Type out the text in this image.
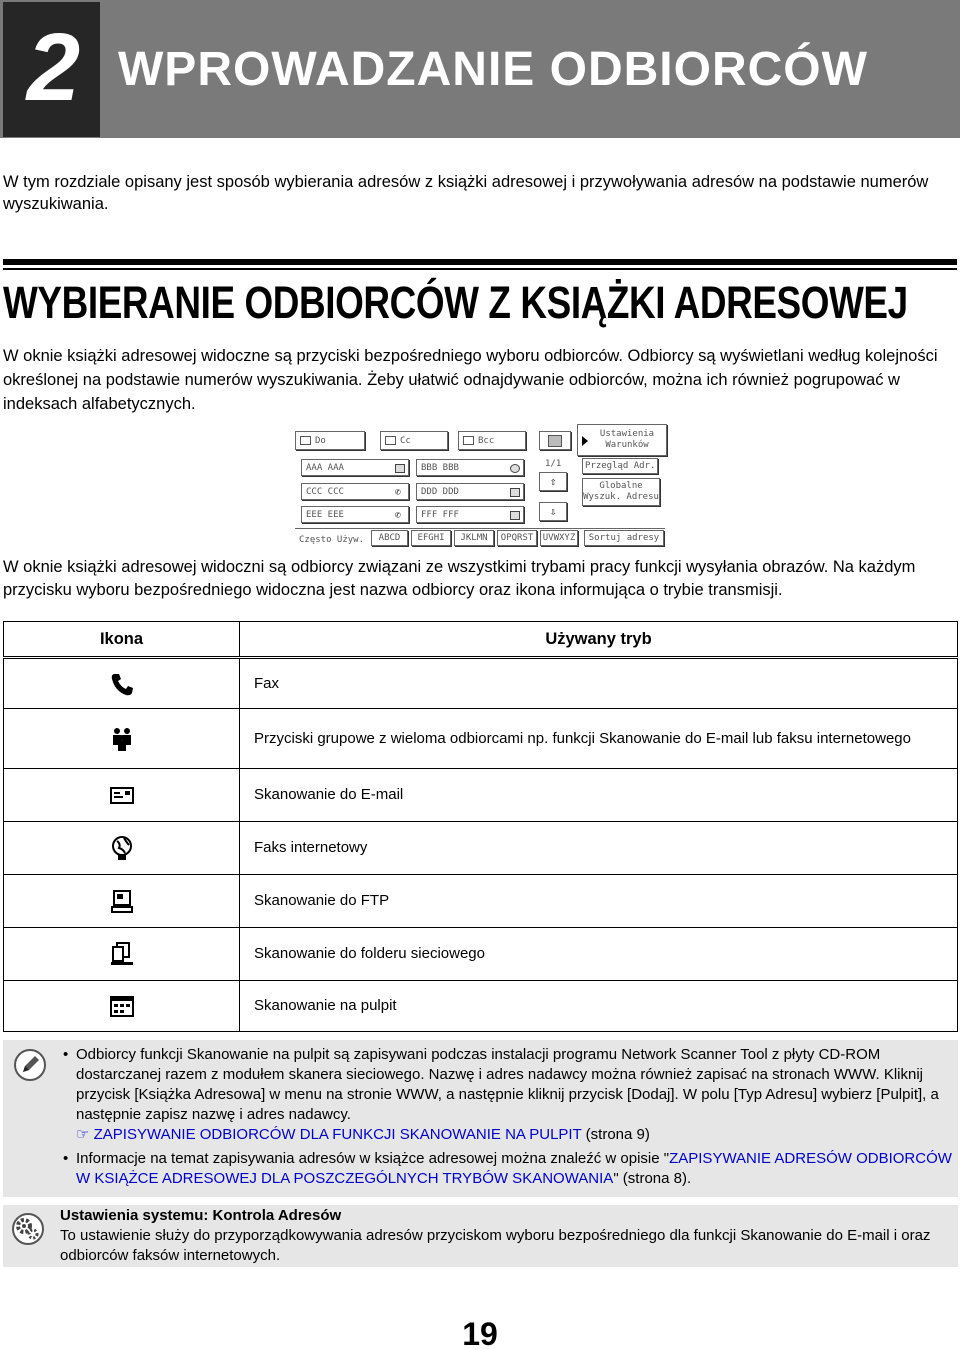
2 WPROWADZANIE ODBIORCÓW
W tym rozdziale opisany jest sposób wybierania adresów z książki adresowej i przywoływania adresów na podstawie numerów wyszukiwania.
WYBIERANIE ODBIORCÓW Z KSIĄŻKI ADRESOWEJ
W oknie książki adresowej widoczne są przyciski bezpośredniego wyboru odbiorców. Odbiorcy są wyświetlani według kolejności określonej na podstawie numerów wyszukiwania. Żeby ułatwić odnajdywanie odbiorców, można ich również pogrupować w indeksach alfabetycznych.
Do	Cc	Bcc
Ustawienia
Warunków
AAA AAA	BBB BBB
CCC CCC	✆	DDD DDD
EEE EEE	✆	FFF FFF
1/1
⇧
⇩
Przegląd Adr.
Globalne
Wyszuk. Adresu
Często Używ. ABCD EFGHI JKLMN OPQRST UVWXYZ Sortuj adresy
W oknie książki adresowej widoczni są odbiorcy związani ze wszystkimi trybami pracy funkcji wysyłania obrazów. Na każdym przycisku wyboru bezpośredniego widoczna jest nazwa odbiorcy oraz ikona informująca o trybie transmisji.
Ikona	Używany tryb
	Fax
	Przyciski grupowe z wieloma odbiorcami np. funkcji Skanowanie do E-mail lub faksu internetowego
	Skanowanie do E-mail
	Faks internetowy
	Skanowanie do FTP
	Skanowanie do folderu sieciowego
	Skanowanie na pulpit
• Odbiorcy funkcji Skanowanie na pulpit są zapisywani podczas instalacji programu Network Scanner Tool z płyty CD-ROM dostarczanej razem z modułem skanera sieciowego. Nazwę i adres nadawcy można również zapisać na stronach WWW. Kliknij przycisk [Książka Adresowa] w menu na stronie WWW, a następnie kliknij przycisk [Dodaj]. W polu [Typ Adresu] wybierz [Pulpit], a następnie zapisz nazwę i adres nadawcy.
☞ ZAPISYWANIE ODBIORCÓW DLA FUNKCJI SKANOWANIE NA PULPIT (strona 9)
• Informacje na temat zapisywania adresów w książce adresowej można znaleźć w opisie "ZAPISYWANIE ADRESÓW ODBIORCÓW W KSIĄŻCE ADRESOWEJ DLA POSZCZEGÓLNYCH TRYBÓW SKANOWANIA" (strona 8).
Ustawienia systemu: Kontrola Adresów
To ustawienie służy do przyporządkowywania adresów przyciskom wyboru bezpośredniego dla funkcji Skanowanie do E-mail i oraz odbiorców faksów internetowych.
19
